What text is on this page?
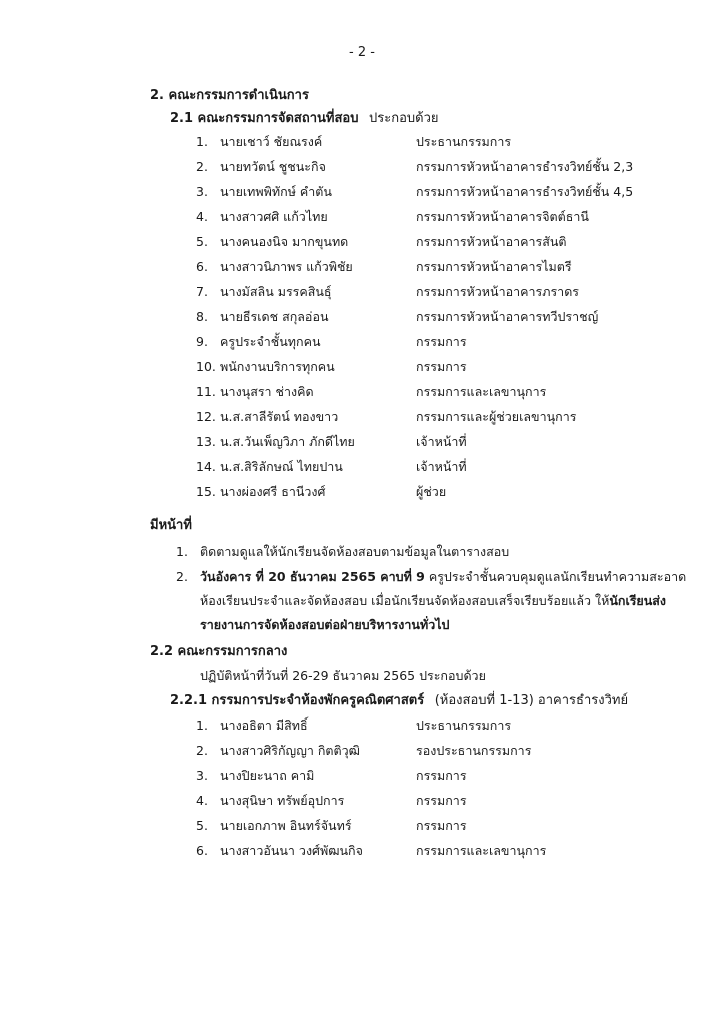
- 2 -
2. คณะกรรมการดำเนินการ
2.1 คณะกรรมการจัดสถานที่สอบ ประกอบด้วย
1. นายเชาว์ ชัยณรงค์	ประธานกรรมการ
2. นายทวัตน์ ชูชนะกิจ	กรรมการหัวหน้าอาคารธำรงวิทย์ชั้น 2,3
3. นายเทพพิทักษ์ คำตัน	กรรมการหัวหน้าอาคารธำรงวิทย์ชั้น 4,5
4. นางสาวศศิ แก้วไทย	กรรมการหัวหน้าอาคารจิตต์ธานี
5. นางคนองนิจ มากขุนทด	กรรมการหัวหน้าอาคารสันติ
6. นางสาวนิภาพร แก้วพิชัย	กรรมการหัวหน้าอาคารไมตรี
7. นางมัสลิน มรรคสินธุ์	กรรมการหัวหน้าอาคารภราดร
8. นายธีรเดช สกุลอ่อน	กรรมการหัวหน้าอาคารทวีปราชญ์
9. ครูประจำชั้นทุกคน	กรรมการ
10. พนักงานบริการทุกคน	กรรมการ
11. นางนุสรา ช่างคิด	กรรมการและเลขานุการ
12. น.ส.สาลีรัตน์ ทองขาว	กรรมการและผู้ช่วยเลขานุการ
13. น.ส.วันเพ็ญวิภา ภักดีไทย	เจ้าหน้าที่
14. น.ส.สิริลักษณ์ ไทยปาน	เจ้าหน้าที่
15. นางผ่องศรี ธานีวงศ์	ผู้ช่วย
มีหน้าที่
1. ติดตามดูแลให้นักเรียนจัดห้องสอบตามข้อมูลในตารางสอบ
2. วันอังคาร ที่ 20 ธันวาคม 2565 คาบที่ 9 ครูประจำชั้นควบคุมดูแลนักเรียนทำความสะอาด
ห้องเรียนประจำและจัดห้องสอบ เมื่อนักเรียนจัดห้องสอบเสร็จเรียบร้อยแล้ว ให้นักเรียนส่ง
รายงานการจัดห้องสอบต่อฝ่ายบริหารงานทั่วไป
2.2 คณะกรรมการกลาง
ปฏิบัติหน้าที่วันที่ 26-29 ธันวาคม 2565 ประกอบด้วย
2.2.1 กรรมการประจำห้องพักครูคณิตศาสตร์ (ห้องสอบที่ 1-13) อาคารธำรงวิทย์
1. นางอธิตา มีสิทธิ์	ประธานกรรมการ
2. นางสาวศิริกัญญา กิตติวุฒิ	รองประธานกรรมการ
3. นางปิยะนาถ คามิ	กรรมการ
4. นางสุนิษา ทรัพย์อุปการ	กรรมการ
5. นายเอกภาพ อินทร์จันทร์	กรรมการ
6. นางสาวอันนา วงศ์พัฒนกิจ	กรรมการและเลขานุการ
